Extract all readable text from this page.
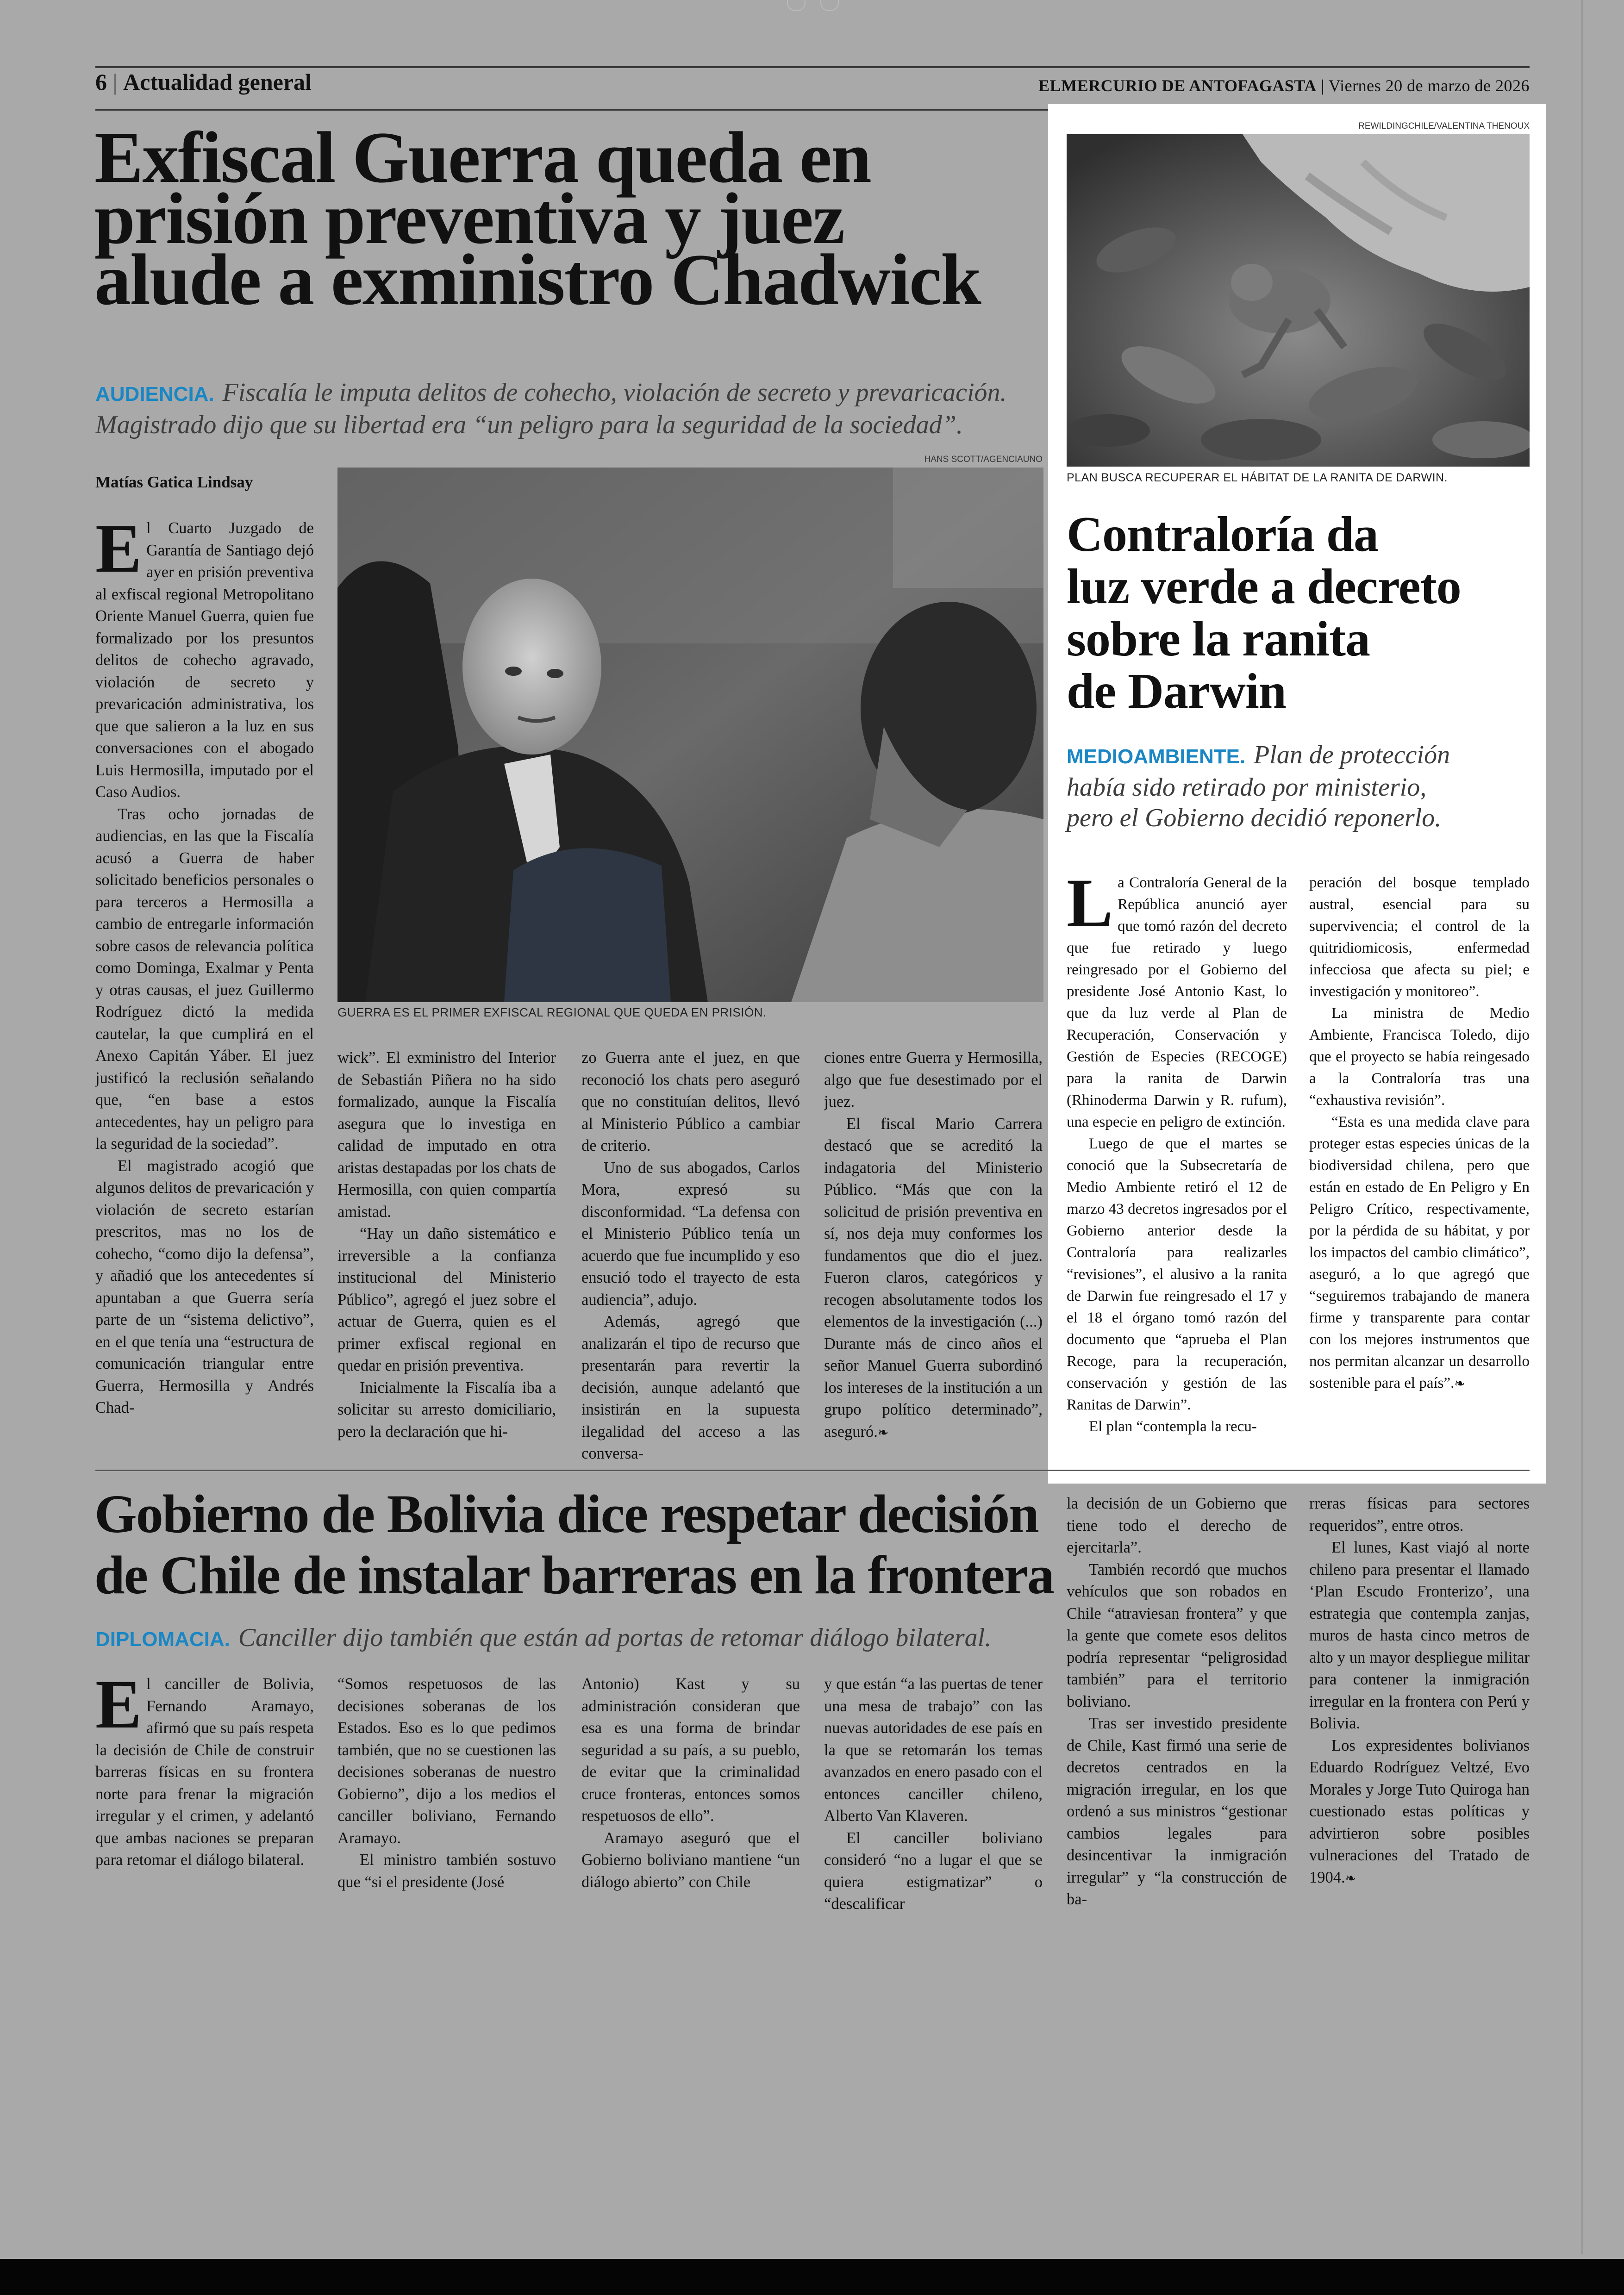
6 | Actualidad general	ELMERCURIO DE ANTOFAGASTA | Viernes 20 de marzo de 2026
Exfiscal Guerra queda en
prisión preventiva y juez
alude a exministro Chadwick
AUDIENCIA. Fiscalía le imputa delitos de cohecho, violación de secreto y prevaricación.
Magistrado dijo que su libertad era “un peligro para la seguridad de la sociedad”.
Matías Gatica Lindsay
HANS SCOTT/AGENCIAUNO
GUERRA ES EL PRIMER EXFISCAL REGIONAL QUE QUEDA EN PRISIÓN.
E l Cuarto Juzgado de Garantía de Santiago dejó ayer en prisión preventiva al exfiscal regional Metropolitano Oriente Manuel Guerra, quien fue formalizado por los presuntos delitos de cohecho agravado, violación de secreto y prevaricación administrativa, los que que salieron a la luz en sus conversaciones con el abogado Luis Hermosilla, imputado por el Caso Audios.

Tras ocho jornadas de audiencias, en las que la Fiscalía acusó a Guerra de haber solicitado beneficios personales o para terceros a Hermosilla a cambio de entregarle información sobre casos de relevancia política como Dominga, Exalmar y Penta y otras causas, el juez Guillermo Rodríguez dictó la medida cautelar, la que cumplirá en el Anexo Capitán Yáber. El juez justificó la reclusión señalando que, “en base a estos antecedentes, hay un peligro para la seguridad de la sociedad”.

El magistrado acogió que algunos delitos de prevaricación y violación de secreto estarían prescritos, mas no los de cohecho, “como dijo la defensa”, y añadió que los antecedentes sí apuntaban a que Guerra sería parte de un “sistema delictivo”, en el que tenía una “estructura de comunicación triangular entre Guerra, Hermosilla y Andrés Chad-

wick”. El exministro del Interior de Sebastián Piñera no ha sido formalizado, aunque la Fiscalía asegura que lo investiga en calidad de imputado en otra aristas destapadas por los chats de Hermosilla, con quien compartía amistad.

“Hay un daño sistemático e irreversible a la confianza institucional del Ministerio Público”, agregó el juez sobre el actuar de Guerra, quien es el primer exfiscal regional en quedar en prisión preventiva.

Inicialmente la Fiscalía iba a solicitar su arresto domiciliario, pero la declaración que hi-

zo Guerra ante el juez, en que reconoció los chats pero aseguró que no constituían delitos, llevó al Ministerio Público a cambiar de criterio.

Uno de sus abogados, Carlos Mora, expresó su disconformidad. “La defensa con el Ministerio Público tenía un acuerdo que fue incumplido y eso ensució todo el trayecto de esta audiencia”, adujo.

Además, agregó que analizarán el tipo de recurso que presentarán para revertir la decisión, aunque adelantó que insistirán en la supuesta ilegalidad del acceso a las conversa-

ciones entre Guerra y Hermosilla, algo que fue desestimado por el juez.

El fiscal Mario Carrera destacó que se acreditó la indagatoria del Ministerio Público. “Más que con la solicitud de prisión preventiva en sí, nos deja muy conformes los fundamentos que dio el juez. Fueron claros, categóricos y recogen absolutamente todos los elementos de la investigación (...) Durante más de cinco años el señor Manuel Guerra subordinó los intereses de la institución a un grupo político determinado”, aseguró.❧

REWILDINGCHILE/VALENTINA THENOUX
PLAN BUSCA RECUPERAR EL HÁBITAT DE LA RANITA DE DARWIN.
Contraloría da
luz verde a decreto
sobre la ranita
de Darwin
MEDIOAMBIENTE. Plan de protección
había sido retirado por ministerio,
pero el Gobierno decidió reponerlo.
L a Contraloría General de la República anunció ayer que tomó razón del decreto que fue retirado y luego reingresado por el Gobierno del presidente José Antonio Kast, lo que da luz verde al Plan de Recuperación, Conservación y Gestión de Especies (RECOGE) para la ranita de Darwin (Rhinoderma Darwin y R. rufum), una especie en peligro de extinción.

Luego de que el martes se conoció que la Subsecretaría de Medio Ambiente retiró el 12 de marzo 43 decretos ingresados por el Gobierno anterior desde la Contraloría para realizarles “revisiones”, el alusivo a la ranita de Darwin fue reingresado el 17 y el 18 el órgano tomó razón del documento que “aprueba el Plan Recoge, para la recuperación, conservación y gestión de las Ranitas de Darwin”.

El plan “contempla la recu-

peración del bosque templado austral, esencial para su supervivencia; el control de la quitridiomicosis, enfermedad infecciosa que afecta su piel; e investigación y monitoreo”.

La ministra de Medio Ambiente, Francisca Toledo, dijo que el proyecto se había reingesado a la Contraloría tras una “exhaustiva revisión”.

“Esta es una medida clave para proteger estas especies únicas de la biodiversidad chilena, pero que están en estado de En Peligro y En Peligro Crítico, respectivamente, por la pérdida de su hábitat, y por los impactos del cambio climático”, aseguró, a lo que agregó que “seguiremos trabajando de manera firme y transparente para contar con los mejores instrumentos que nos permitan alcanzar un desarrollo sostenible para el país”.❧

Gobierno de Bolivia dice respetar decisión
de Chile de instalar barreras en la frontera
DIPLOMACIA. Canciller dijo también que están ad portas de retomar diálogo bilateral.
E l canciller de Bolivia, Fernando Aramayo, afirmó que su país respeta la decisión de Chile de construir barreras físicas en su frontera norte para frenar la migración irregular y el crimen, y adelantó que ambas naciones se preparan para retomar el diálogo bilateral.

“Somos respetuosos de las decisiones soberanas de los Estados. Eso es lo que pedimos también, que no se cuestionen las decisiones soberanas de nuestro Gobierno”, dijo a los medios el canciller boliviano, Fernando Aramayo.

El ministro también sostuvo que “si el presidente (José

Antonio) Kast y su administración consideran que esa es una forma de brindar seguridad a su país, a su pueblo, de evitar que la criminalidad cruce fronteras, entonces somos respetuosos de ello”.

Aramayo aseguró que el Gobierno boliviano mantiene “un diálogo abierto” con Chile

y que están “a las puertas de tener una mesa de trabajo” con las nuevas autoridades de ese país en la que se retomarán los temas avanzados en enero pasado con el entonces canciller chileno, Alberto Van Klaveren.

El canciller boliviano consideró “no a lugar el que se quiera estigmatizar” o “descalificar

la decisión de un Gobierno que tiene todo el derecho de ejercitarla”.

También recordó que muchos vehículos que son robados en Chile “atraviesan frontera” y que la gente que comete esos delitos podría representar “peligrosidad también” para el territorio boliviano.

Tras ser investido presidente de Chile, Kast firmó una serie de decretos centrados en la migración irregular, en los que ordenó a sus ministros “gestionar cambios legales para desincentivar la inmigración irregular” y “la construcción de ba-

rreras físicas para sectores requeridos”, entre otros.

El lunes, Kast viajó al norte chileno para presentar el llamado ‘Plan Escudo Fronterizo’, una estrategia que contempla zanjas, muros de hasta cinco metros de alto y un mayor despliegue militar para contener la inmigración irregular en la frontera con Perú y Bolivia.

Los expresidentes bolivianos Eduardo Rodríguez Veltzé, Evo Morales y Jorge Tuto Quiroga han cuestionado estas políticas y advirtieron sobre posibles vulneraciones del Tratado de 1904.❧
